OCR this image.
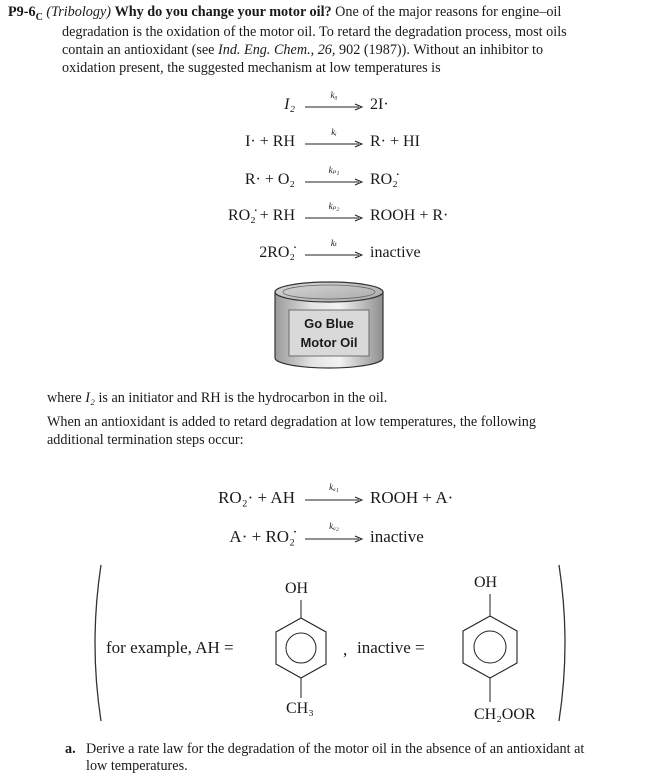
$P9-6_C$ (Tribology) Why do you change your motor oil? One of the major reasons for engine–oil
degradation is the oxidation of the motor oil. To retard the degradation process, most oils
contain an antioxidant (see Ind. Eng. Chem., 26, 902 (1987)). Without an inhibitor to
oxidation present, the suggested mechanism at low temperatures is
I₂
k₀
2I·
I· + RH
kᵢ
R· + HI
R· + O₂
kₚ₁
RO₂̇
RO₂̇ + RH
kₚ₂
ROOH + R·
2RO₂̇
kₜ
inactive
Go Blue
Motor Oil
where I₂ is an initiator and RH is the hydrocarbon in the oil.
When an antioxidant is added to retard degradation at low temperatures, the following
additional termination steps occur:
RO₂· + AH
kₐ₁
ROOH + A·
A· + RO₂̇
kₐ₂
inactive
for example, AH =
OH
CH₃
, inactive =
OH
CH₂OOR
a. Derive a rate law for the degradation of the motor oil in the absence of an antioxidant at
low temperatures.
